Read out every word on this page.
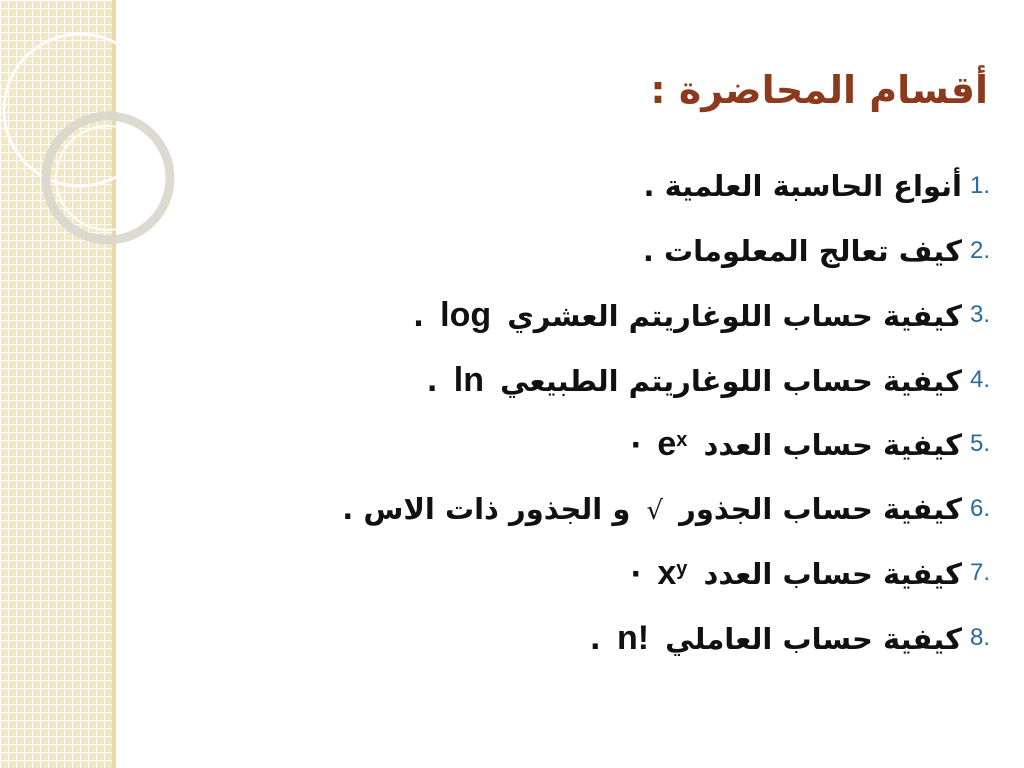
أقسام المحاضرة :
1.
أنواع الحاسبة العلمية .
2.
كيف تعالج المعلومات .
3.
كيفية حساب اللوغاريتم العشري log .
4.
كيفية حساب اللوغاريتم الطبيعي ln .
5.
كيفية حساب العدد $e^x$ ·
6.
كيفية حساب الجذور √ و الجذور ذات الاس .
7.
كيفية حساب العدد $x^y$ ·
8.
كيفية حساب العاملي n! .
